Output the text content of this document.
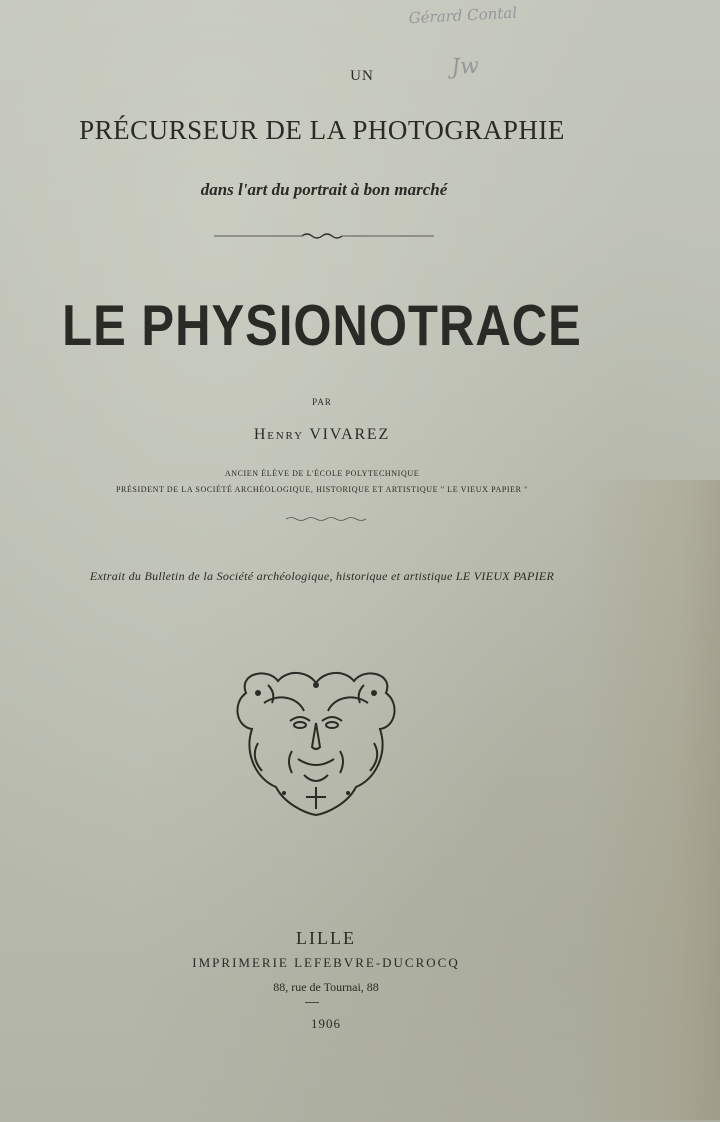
Gérard Contal
Jw
UN
PRÉCURSEUR DE LA PHOTOGRAPHIE
dans l'art du portrait à bon marché
LE PHYSIONOTRACE
PAR
Henry VIVAREZ
ANCIEN ÉLÈVE DE L'ÉCOLE POLYTECHNIQUE
PRÉSIDENT DE LA SOCIÉTÉ ARCHÉOLOGIQUE, HISTORIQUE ET ARTISTIQUE " LE VIEUX PAPIER "
Extrait du Bulletin de la Société archéologique, historique et artistique LE VIEUX PAPIER
LILLE
IMPRIMERIE LEFEBVRE-DUCROCQ
88, rue de Tournai, 88
1906
